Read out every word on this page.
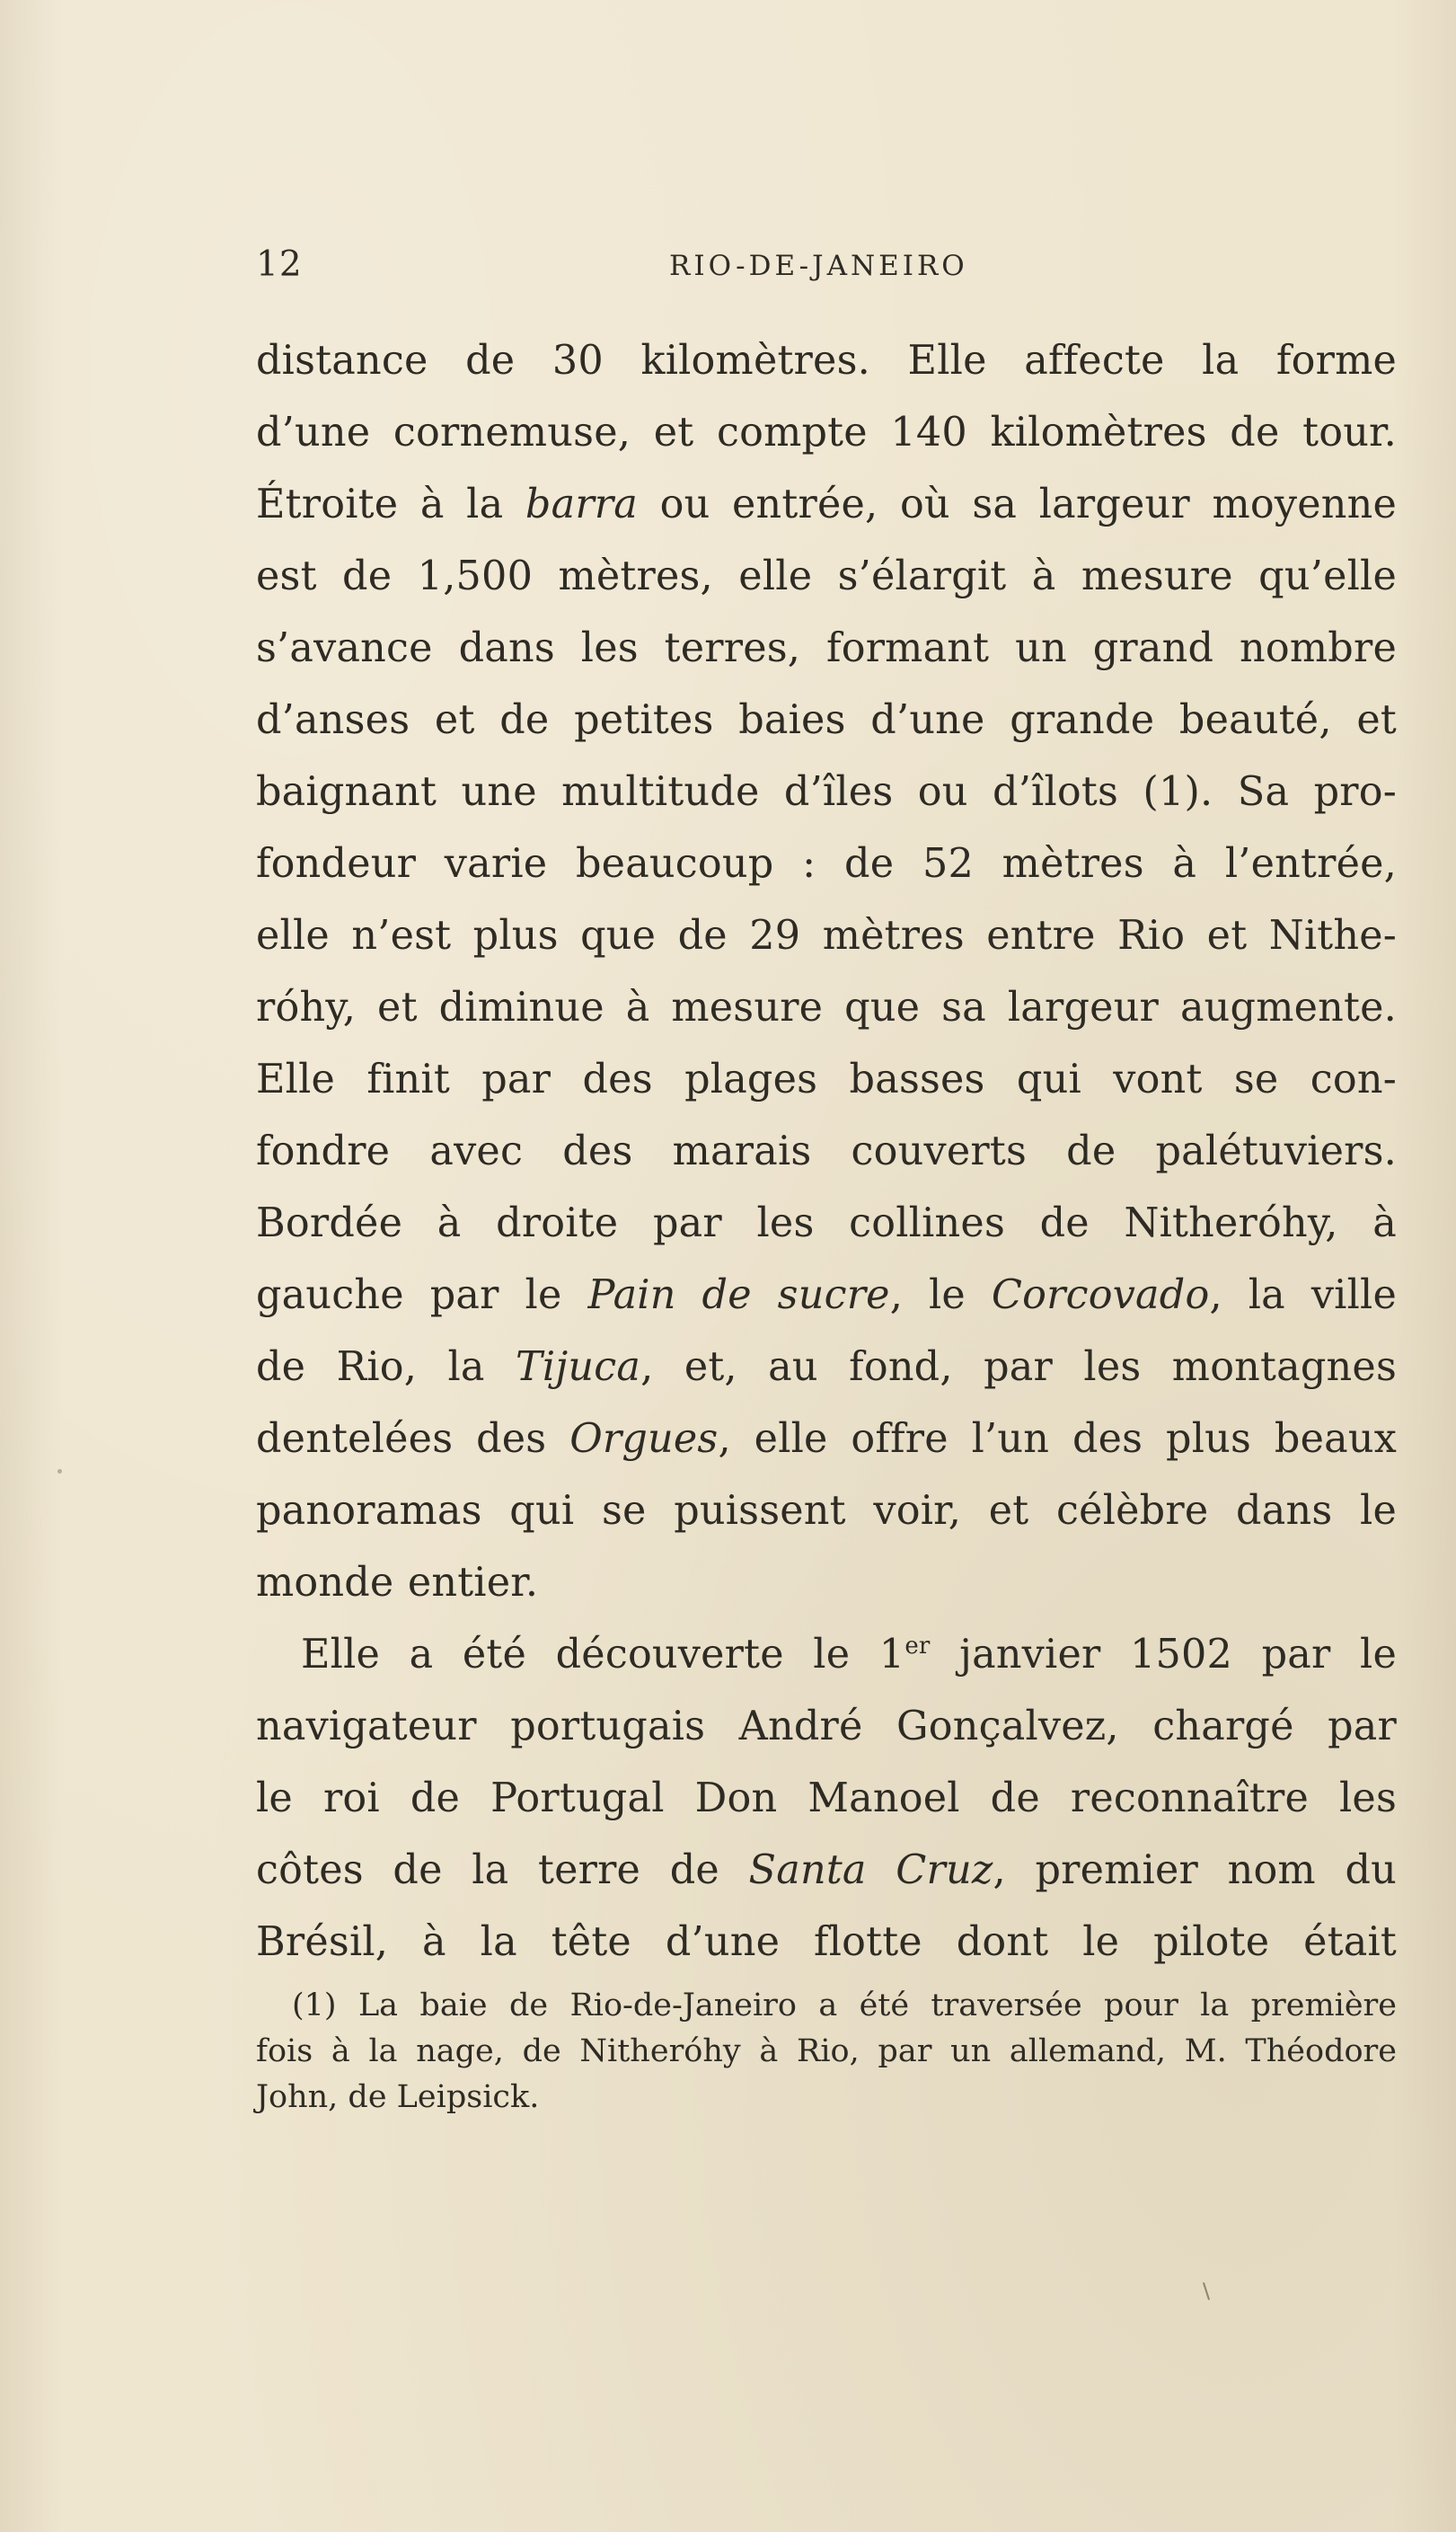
12	RIO-DE-JANEIRO
distance de 30 kilomètres. Elle affecte la forme
d’une cornemuse, et compte 140 kilomètres de tour.
Étroite à la barra ou entrée, où sa largeur moyenne
est de 1,500 mètres, elle s’élargit à mesure qu’elle
s’avance dans les terres, formant un grand nombre
d’anses et de petites baies d’une grande beauté, et
baignant une multitude d’îles ou d’îlots (1). Sa pro-
fondeur varie beaucoup : de 52 mètres à l’entrée,
elle n’est plus que de 29 mètres entre Rio et Nithe-
róhy, et diminue à mesure que sa largeur augmente.
Elle finit par des plages basses qui vont se con-
fondre avec des marais couverts de palétuviers.
Bordée à droite par les collines de Nitheróhy, à
gauche par le Pain de sucre, le Corcovado, la ville
de Rio, la Tijuca, et, au fond, par les montagnes
dentelées des Orgues, elle offre l’un des plus beaux
panoramas qui se puissent voir, et célèbre dans le
monde entier.
Elle a été découverte le 1er janvier 1502 par le
navigateur portugais André Gonçalvez, chargé par
le roi de Portugal Don Manoel de reconnaître les
côtes de la terre de Santa Cruz, premier nom du
Brésil, à la tête d’une flotte dont le pilote était
(1) La baie de Rio-de-Janeiro a été traversée pour la première
fois à la nage, de Nitheróhy à Rio, par un allemand, M. Théodore
John, de Leipsick.
